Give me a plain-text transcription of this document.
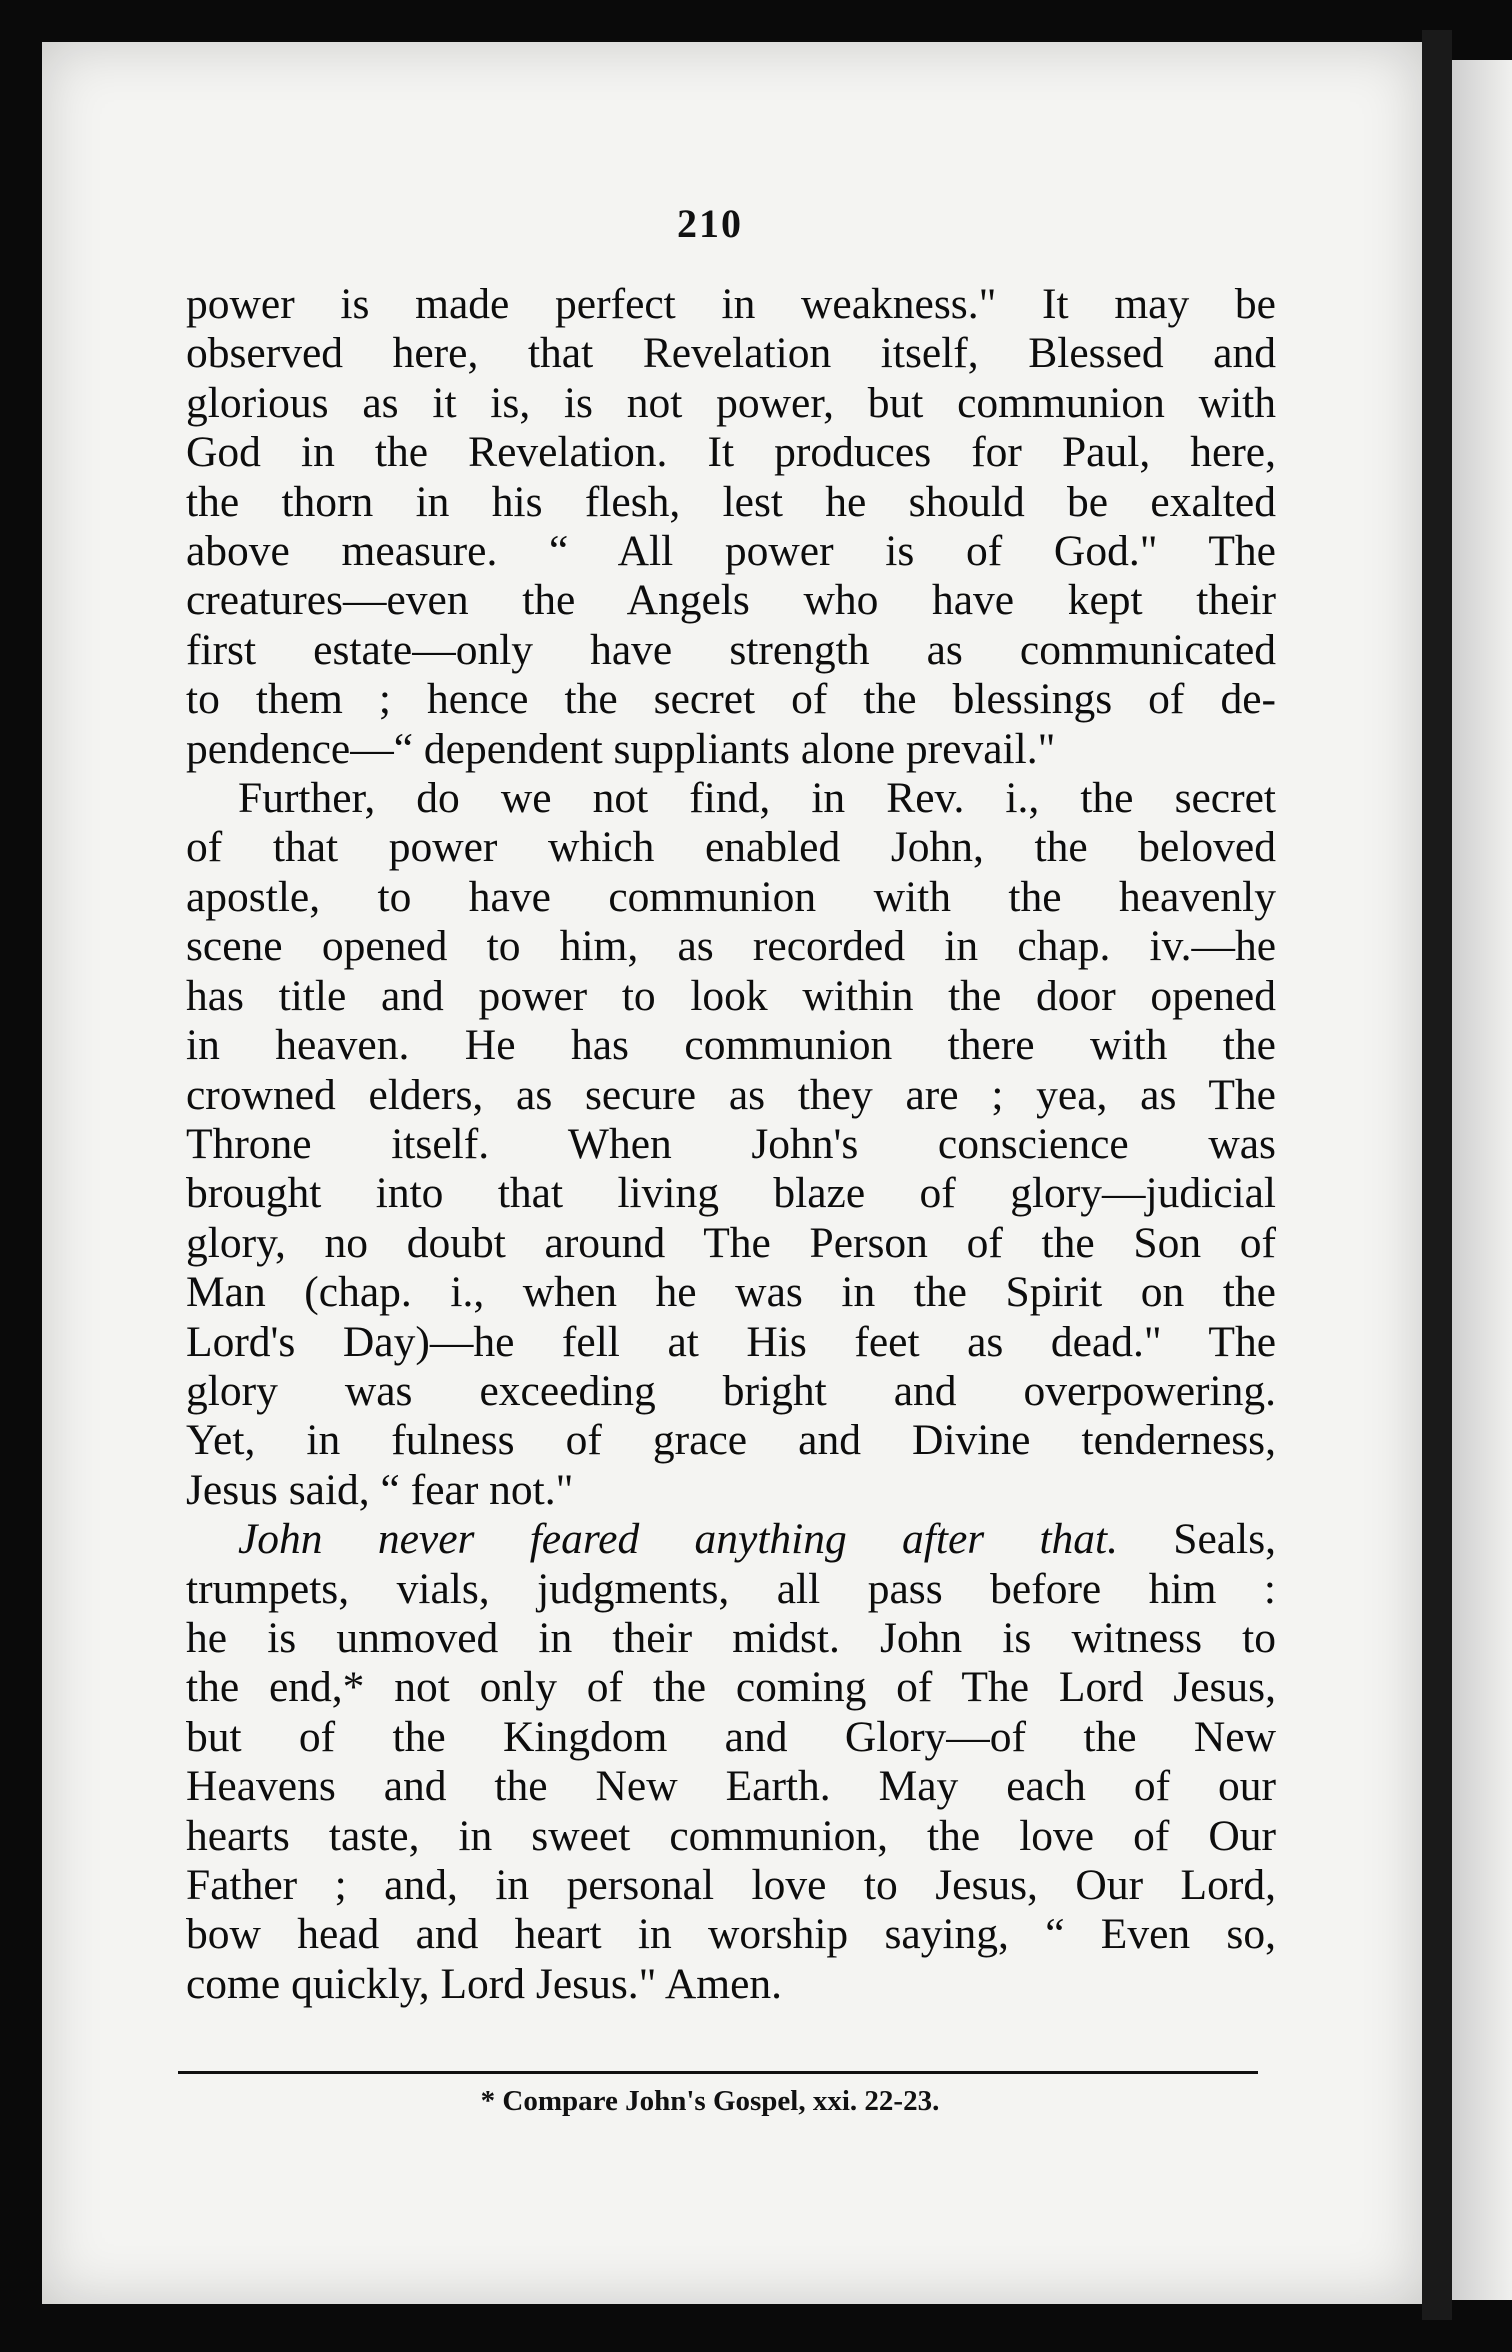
210
power is made perfect in weakness." It may be
observed here, that Revelation itself, Blessed and
glorious as it is, is not power, but communion with
God in the Revelation. It produces for Paul, here,
the thorn in his flesh, lest he should be exalted
above measure. “ All power is of God." The
creatures—even the Angels who have kept their
first estate—only have strength as communicated
to them ; hence the secret of the blessings of de-
pendence—“ dependent suppliants alone prevail."
Further, do we not find, in Rev. i., the secret
of that power which enabled John, the beloved
apostle, to have communion with the heavenly
scene opened to him, as recorded in chap. iv.—he
has title and power to look within the door opened
in heaven. He has communion there with the
crowned elders, as secure as they are ; yea, as The
Throne itself. When John's conscience was
brought into that living blaze of glory—judicial
glory, no doubt around The Person of the Son of
Man (chap. i., when he was in the Spirit on the
Lord's Day)—he fell at His feet as dead." The
glory was exceeding bright and overpowering.
Yet, in fulness of grace and Divine tenderness,
Jesus said, “ fear not."
John never feared anything after that. Seals,
trumpets, vials, judgments, all pass before him :
he is unmoved in their midst. John is witness to
the end,* not only of the coming of The Lord Jesus,
but of the Kingdom and Glory—of the New
Heavens and the New Earth. May each of our
hearts taste, in sweet communion, the love of Our
Father ; and, in personal love to Jesus, Our Lord,
bow head and heart in worship saying, “ Even so,
come quickly, Lord Jesus." Amen.
* Compare John's Gospel, xxi. 22-23.
